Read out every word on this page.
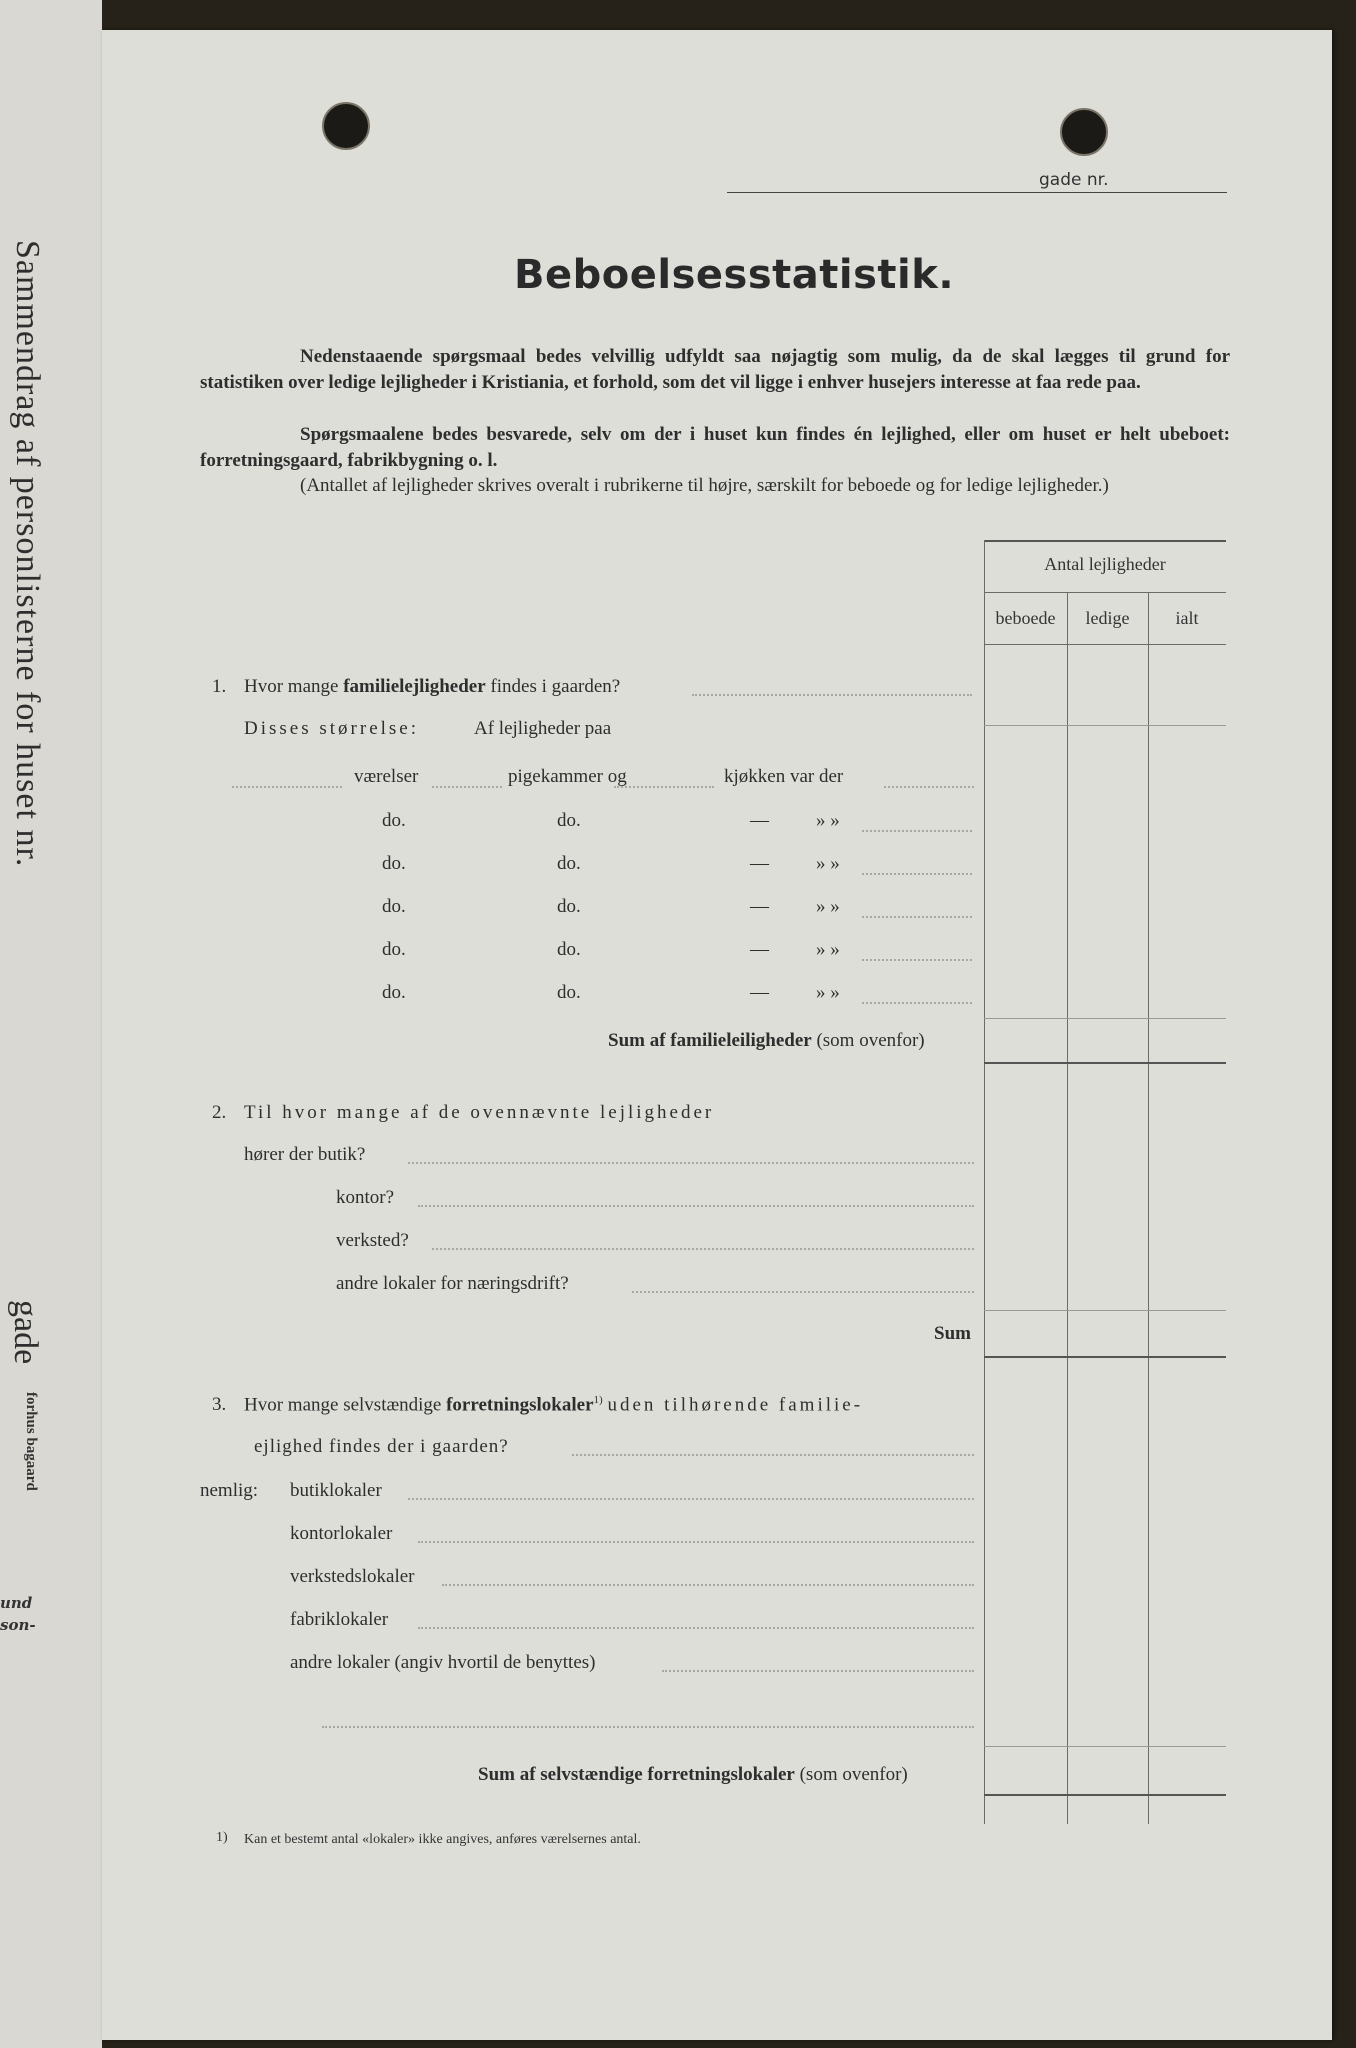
Sammendrag af personlisterne for huset nr.
gade
forhus bagaard
und
son-
gade nr.
Beboelsesstatistik.
Nedenstaaende spørgsmaal bedes velvillig udfyldt saa nøjagtig som mulig, da de skal lægges til grund for statistiken over ledige lejligheder i Kristiania, et forhold, som det vil ligge i enhver husejers interesse at faa rede paa.
Spørgsmaalene bedes besvarede, selv om der i huset kun findes én lejlighed, eller om huset er helt ubeboet: forretningsgaard, fabrikbygning o. l.
(Antallet af lejligheder skrives overalt i rubrikerne til højre, særskilt for beboede og for ledige lejligheder.)
Antal lejligheder
beboede	ledige	ialt
1. Hvor mange familielejligheder findes i gaarden?
Disses størrelse:	Af lejligheder paa
værelser	pigekammer og	kjøkken var der
do.	do.	— » »
do.	do.	— » »
do.	do.	— » »
do.	do.	— » »
do.	do.	— » »
Sum af familieleiligheder (som ovenfor)
2. Til hvor mange af de ovennævnte lejligheder
hører der butik?
kontor?
verksted?
andre lokaler for næringsdrift?
Sum
3. Hvor mange selvstændige forretningslokaler$^{1)}$ uden tilhørende familie-
ejlighed findes der i gaarden?
nemlig: butiklokaler
kontorlokaler
verkstedslokaler
fabriklokaler
andre lokaler (angiv hvortil de benyttes)
Sum af selvstændige forretningslokaler (som ovenfor)
1) Kan et bestemt antal «lokaler» ikke angives, anføres værelsernes antal.
